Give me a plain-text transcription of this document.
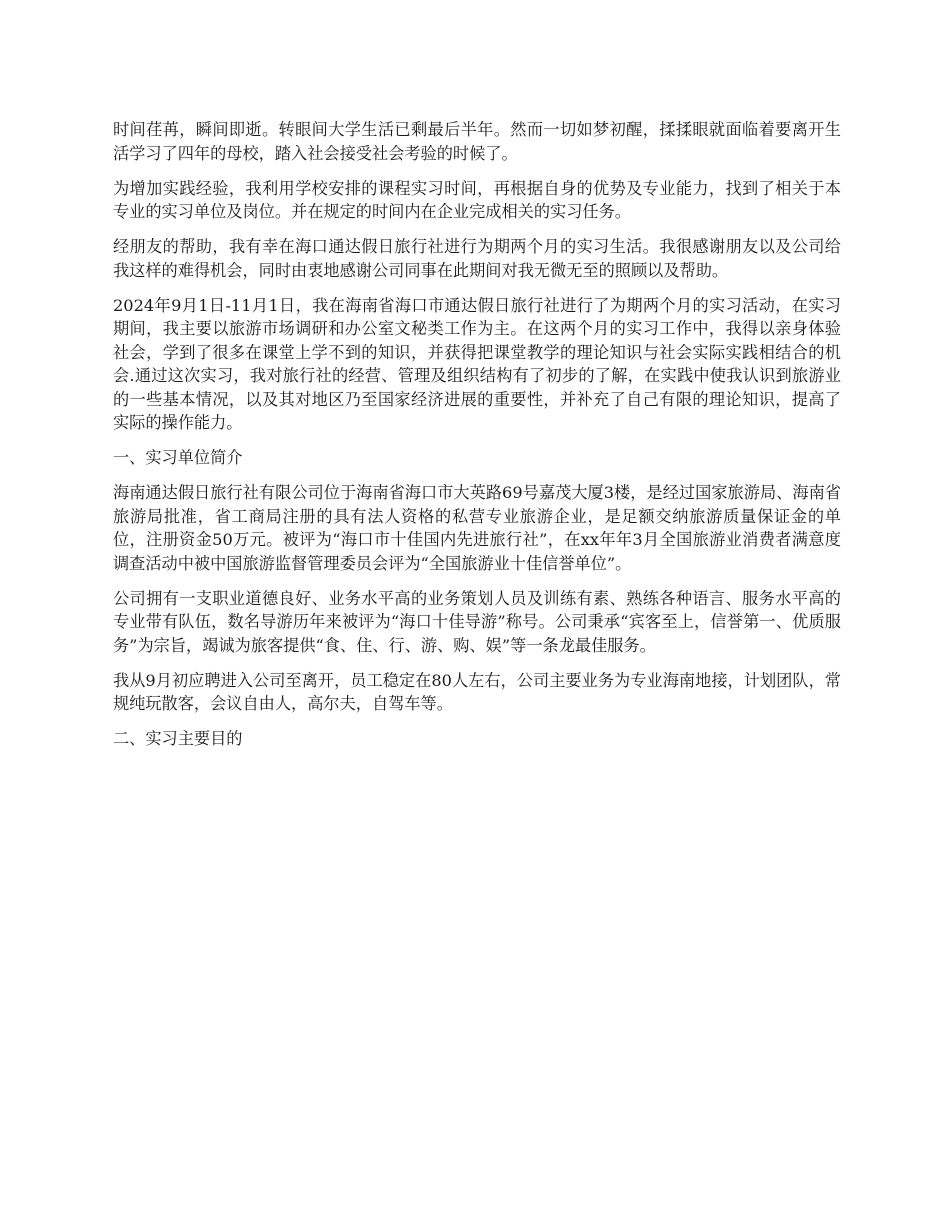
时间荏苒，瞬间即逝。转眼间大学生活已剩最后半年。然而一切如梦初醒，揉揉眼就面临着要离开生活学习了四年的母校，踏入社会接受社会考验的时候了。

为增加实践经验，我利用学校安排的课程实习时间，再根据自身的优势及专业能力，找到了相关于本专业的实习单位及岗位。并在规定的时间内在企业完成相关的实习任务。

经朋友的帮助，我有幸在海口通达假日旅行社进行为期两个月的实习生活。我很感谢朋友以及公司给我这样的难得机会，同时由衷地感谢公司同事在此期间对我无微无至的照顾以及帮助。

2024年9月1日-11月1日，我在海南省海口市通达假日旅行社进行了为期两个月的实习活动，在实习期间，我主要以旅游市场调研和办公室文秘类工作为主。在这两个月的实习工作中，我得以亲身体验社会，学到了很多在课堂上学不到的知识，并获得把课堂教学的理论知识与社会实际实践相结合的机会.通过这次实习，我对旅行社的经营、管理及组织结构有了初步的了解，在实践中使我认识到旅游业的一些基本情况，以及其对地区乃至国家经济进展的重要性，并补充了自己有限的理论知识，提高了实际的操作能力。

一、实习单位简介

海南通达假日旅行社有限公司位于海南省海口市大英路69号嘉茂大厦3楼，是经过国家旅游局、海南省旅游局批准，省工商局注册的具有法人资格的私营专业旅游企业，是足额交纳旅游质量保证金的单位，注册资金50万元。被评为“海口市十佳国内先进旅行社”，在xx年年3月全国旅游业消费者满意度调查活动中被中国旅游监督管理委员会评为“全国旅游业十佳信誉单位”。

公司拥有一支职业道德良好、业务水平高的业务策划人员及训练有素、熟练各种语言、服务水平高的专业带有队伍，数名导游历年来被评为“海口十佳导游”称号。公司秉承“宾客至上，信誉第一、优质服务”为宗旨，竭诚为旅客提供“食、住、行、游、购、娱”等一条龙最佳服务。

我从9月初应聘进入公司至离开，员工稳定在80人左右，公司主要业务为专业海南地接，计划团队，常规纯玩散客，会议自由人，高尔夫，自驾车等。

二、实习主要目的
